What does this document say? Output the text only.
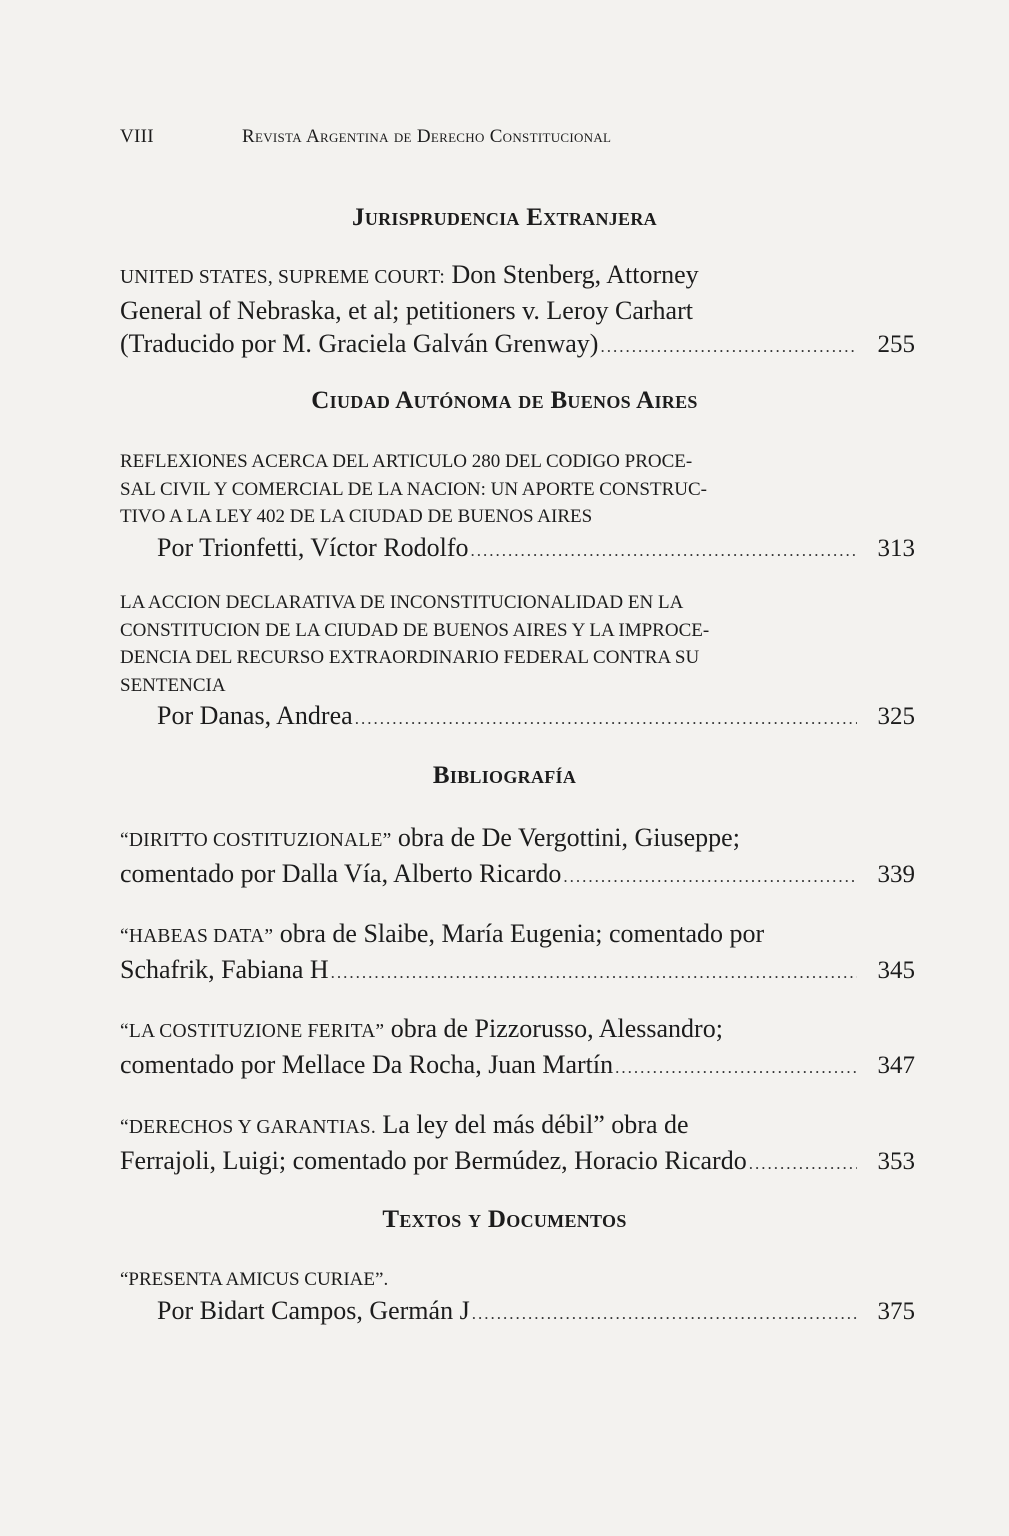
VIII	Revista Argentina de Derecho Constitucional
Jurisprudencia Extranjera
UNITED STATES, SUPREME COURT: Don Stenberg, Attorney
General of Nebraska, et al; petitioners v. Leroy Carhart
(Traducido por M. Graciela Galván Grenway) .....	255
Ciudad Autónoma de Buenos Aires
REFLEXIONES ACERCA DEL ARTICULO 280 DEL CODIGO PROCE-
SAL CIVIL Y COMERCIAL DE LA NACION: UN APORTE CONSTRUC-
TIVO A LA LEY 402 DE LA CIUDAD DE BUENOS AIRES
Por Trionfetti, Víctor Rodolfo .....	313
LA ACCION DECLARATIVA DE INCONSTITUCIONALIDAD EN LA
CONSTITUCION DE LA CIUDAD DE BUENOS AIRES Y LA IMPROCE-
DENCIA DEL RECURSO EXTRAORDINARIO FEDERAL CONTRA SU
SENTENCIA
Por Danas, Andrea .....	325
Bibliografía
“DIRITTO COSTITUZIONALE” obra de De Vergottini, Giuseppe;
comentado por Dalla Vía, Alberto Ricardo .....	339
“HABEAS DATA” obra de Slaibe, María Eugenia; comentado por
Schafrik, Fabiana H .....	345
“LA COSTITUZIONE FERITA” obra de Pizzorusso, Alessandro;
comentado por Mellace Da Rocha, Juan Martín .....	347
“DERECHOS Y GARANTIAS. La ley del más débil” obra de
Ferrajoli, Luigi; comentado por Bermúdez, Horacio Ricardo .....	353
Textos y Documentos
“PRESENTA AMICUS CURIAE”.
Por Bidart Campos, Germán J .....	375
